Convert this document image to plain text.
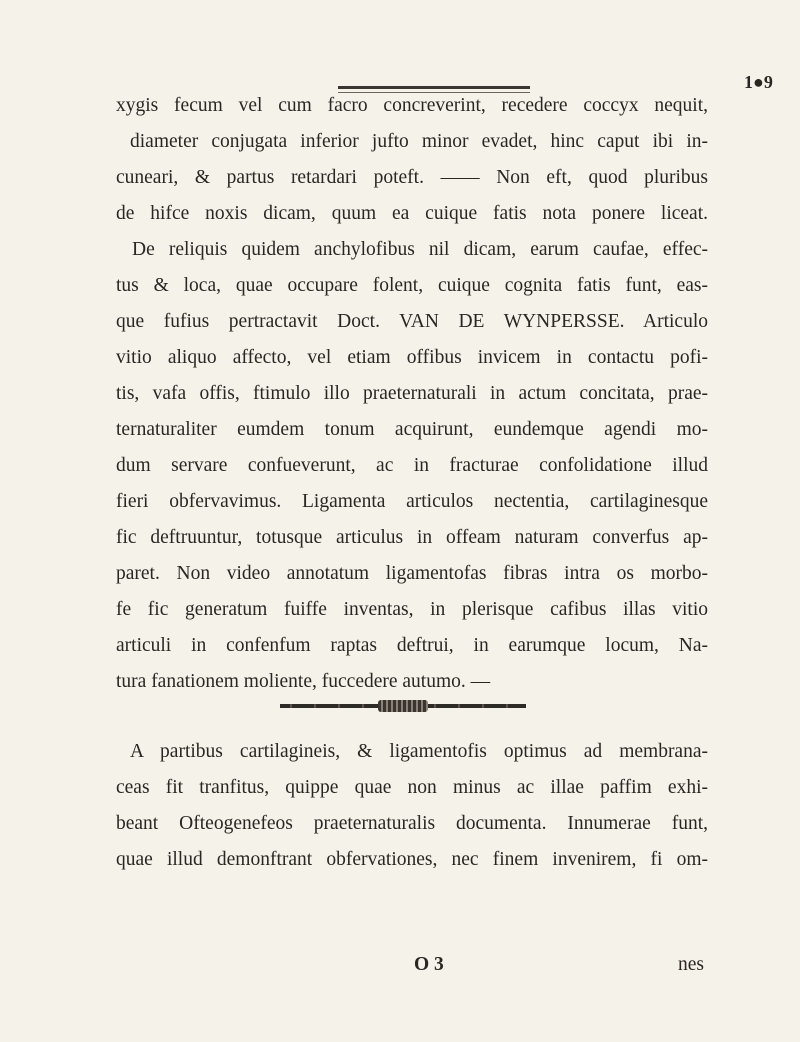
1●9
xygis fecum vel cum facro concreverint, recedere coccyx nequit,
diameter conjugata inferior jufto minor evadet, hinc caput ibi in-
cuneari, & partus retardari poteft. —— Non eft, quod pluribus
de hifce noxis dicam, quum ea cuique fatis nota ponere liceat.
De reliquis quidem anchylofibus nil dicam, earum caufae, effec-
tus & loca, quae occupare folent, cuique cognita fatis funt, eas-
que fufius pertractavit Doct. VAN DE WYNPERSSE. Articulo
vitio aliquo affecto, vel etiam offibus invicem in contactu pofi-
tis, vafa offis, ftimulo illo praeternaturali in actum concitata, prae-
ternaturaliter eumdem tonum acquirunt, eundemque agendi mo-
dum servare confueverunt, ac in fracturae confolidatione illud
fieri obfervavimus. Ligamenta articulos nectentia, cartilaginesque
fic deftruuntur, totusque articulus in offeam naturam converfus ap-
paret. Non video annotatum ligamentofas fibras intra os morbo-
fe fic generatum fuiffe inventas, in plerisque cafibus illas vitio
articuli in confenfum raptas deftrui, in earumque locum, Na-
tura fanationem moliente, fuccedere autumo. —
A partibus cartilagineis, & ligamentofis optimus ad membrana-
ceas fit tranfitus, quippe quae non minus ac illae paffim exhi-
beant Ofteogenefeos praeternaturalis documenta. Innumerae funt,
quae illud demonftrant obfervationes, nec finem invenirem, fi om-
O 3	nes
